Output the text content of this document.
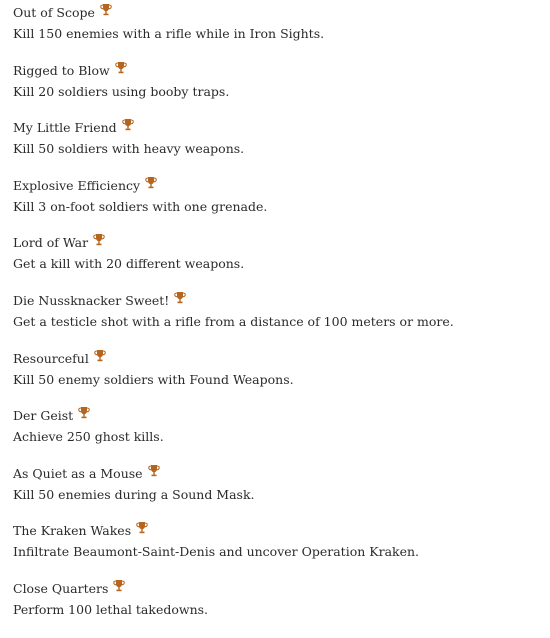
Out of Scope
Kill 150 enemies with a rifle while in Iron Sights.
Rigged to Blow
Kill 20 soldiers using booby traps.
My Little Friend
Kill 50 soldiers with heavy weapons.
Explosive Efficiency
Kill 3 on-foot soldiers with one grenade.
Lord of War
Get a kill with 20 different weapons.
Die Nussknacker Sweet!
Get a testicle shot with a rifle from a distance of 100 meters or more.
Resourceful
Kill 50 enemy soldiers with Found Weapons.
Der Geist
Achieve 250 ghost kills.
As Quiet as a Mouse
Kill 50 enemies during a Sound Mask.
The Kraken Wakes
Infiltrate Beaumont-Saint-Denis and uncover Operation Kraken.
Close Quarters
Perform 100 lethal takedowns.
